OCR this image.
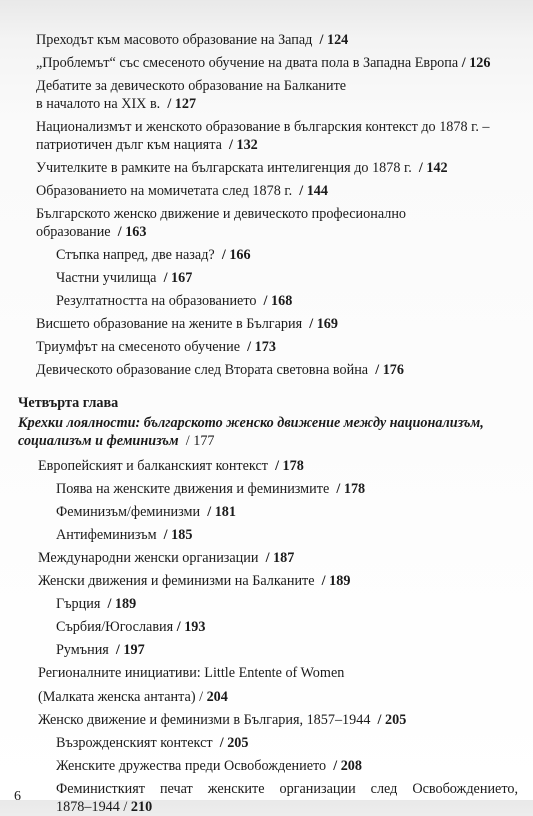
Преходът към масовото образование на Запад / 124
„Проблемът“ със смесеното обучение на двата пола в Западна Европа / 126
Дебатите за девическото образование на Балканите
в началото на XIX в. / 127
Национализмът и женското образование в българския контекст до 1878 г. –
патриотичен дълг към нацията / 132
Учителките в рамките на българската интелигенция до 1878 г. / 142
Образованието на момичетата след 1878 г. / 144
Българското женско движение и девическото професионално
образование / 163
Стъпка напред, две назад? / 166
Частни училища / 167
Резултатността на образованието / 168
Висшето образование на жените в България / 169
Триумфът на смесеното обучение / 173
Девическото образование след Втората световна война / 176
Четвърта глава
Крехки лоялности: българското женско движение между национализъм,
социализъм и феминизъм / 177
Европейският и балканският контекст / 178
Поява на женските движения и феминизмите / 178
Феминизъм/феминизми / 181
Антифеминизъм / 185
Международни женски организации / 187
Женски движения и феминизми на Балканите / 189
Гърция / 189
Сърбия/Югославия / 193
Румъния / 197
Регионалните инициативи: Little Entente of Women
(Малката женска антанта) / 204
Женско движение и феминизми в България, 1857–1944 / 205
Възрожденският контекст / 205
Женските дружества преди Освобождението / 208
Феминисткият печат женските организации след Освобождението,
1878–1944 / 210
6
